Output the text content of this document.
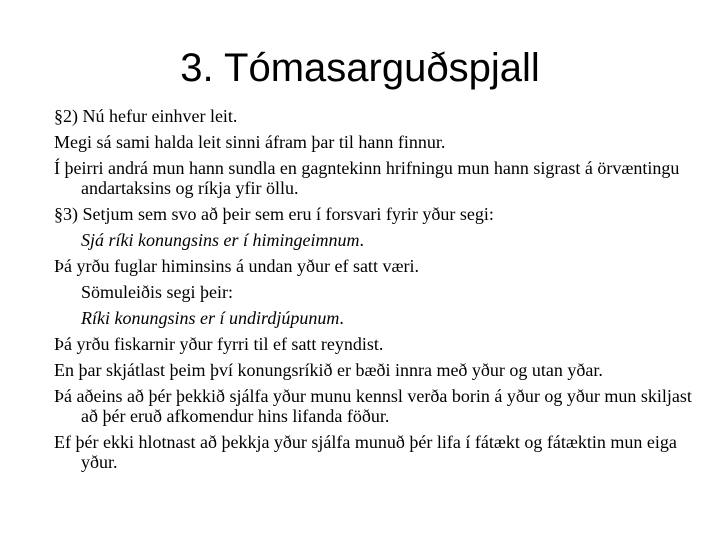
3. Tómasarguðspjall

§2) Nú hefur einhver leit.

Megi sá sami halda leit sinni áfram þar til hann finnur.

Í þeirri andrá mun hann sundla en gagntekinn hrifningu mun hann sigrast á örvæntingu andartaksins og ríkja yfir öllu.

§3) Setjum sem svo að þeir sem eru í forsvari fyrir yður segi:

Sjá ríki konungsins er í himingeimnum.

Þá yrðu fuglar himinsins á undan yður ef satt væri.

Sömuleiðis segi þeir:

Ríki konungsins er í undirdjúpunum.

Þá yrðu fiskarnir yður fyrri til ef satt reyndist.

En þar skjátlast þeim því konungsríkið er bæði innra með yður og utan yðar.

Þá aðeins að þér þekkið sjálfa yður munu kennsl verða borin á yður og yður mun skiljast að þér eruð afkomendur hins lifanda föður.

Ef þér ekki hlotnast að þekkja yður sjálfa munuð þér lifa í fátækt og fátæktin mun eiga yður.
